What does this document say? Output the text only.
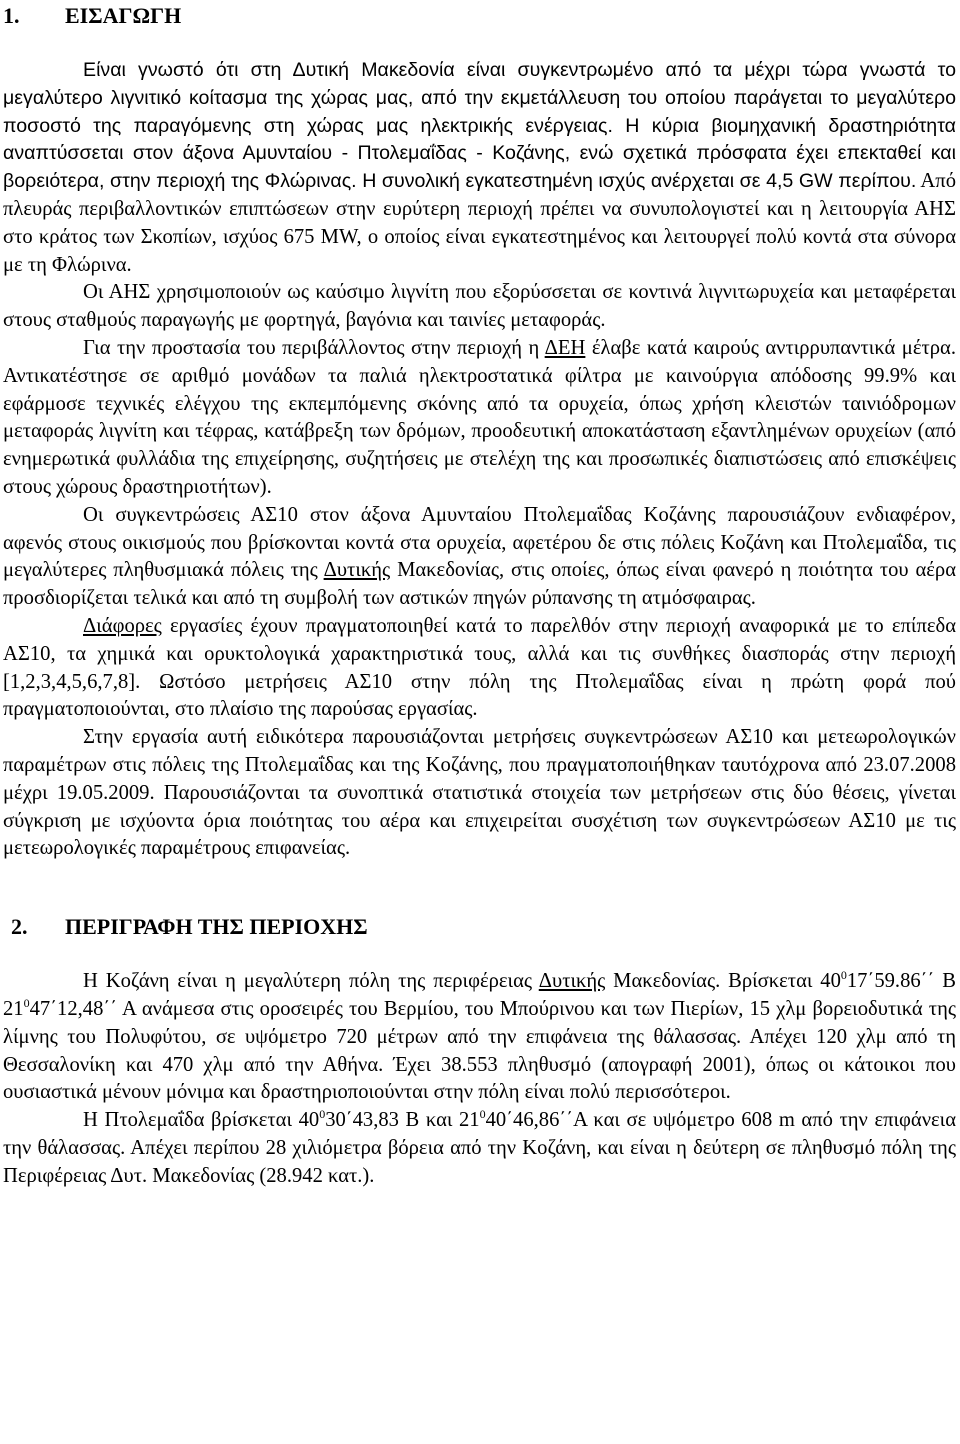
1. ΕΙΣΑΓΩΓΗ

Είναι γνωστό ότι στη Δυτική Μακεδονία είναι συγκεντρωμένο από τα μέχρι τώρα γνωστά το μεγαλύτερο λιγνιτικό κοίτασμα της χώρας μας, από την εκμετάλλευση του οποίου παράγεται το μεγαλύτερο ποσοστό της παραγόμενης στη χώρας μας ηλεκτρικής ενέργειας. Η κύρια βιομηχανική δραστηριότητα αναπτύσσεται στον άξονα Αμυνταίου - Πτολεμαΐδας - Κοζάνης, ενώ σχετικά πρόσφατα έχει επεκταθεί και βορειότερα, στην περιοχή της Φλώρινας. Η συνολική εγκατεστημένη ισχύς ανέρχεται σε 4,5 GW περίπου. Από πλευράς περιβαλλοντικών επιπτώσεων στην ευρύτερη περιοχή πρέπει να συνυπολογιστεί και η λειτουργία ΑΗΣ στο κράτος των Σκοπίων, ισχύος 675 MW, ο οποίος είναι εγκατεστημένος και λειτουργεί πολύ κοντά στα σύνορα με τη Φλώρινα.

Οι ΑΗΣ χρησιμοποιούν ως καύσιμο λιγνίτη που εξορύσσεται σε κοντινά λιγνιτωρυχεία και μεταφέρεται στους σταθμούς παραγωγής με φορτηγά, βαγόνια και ταινίες μεταφοράς.

Για την προστασία του περιβάλλοντος στην περιοχή η ΔΕΗ έλαβε κατά καιρούς αντιρρυπαντικά μέτρα. Αντικατέστησε σε αριθμό μονάδων τα παλιά ηλεκτροστατικά φίλτρα με καινούργια απόδοσης 99.9% και εφάρμοσε τεχνικές ελέγχου της εκπεμπόμενης σκόνης από τα ορυχεία, όπως χρήση κλειστών ταινιόδρομων μεταφοράς λιγνίτη και τέφρας, κατάβρεξη των δρόμων, προοδευτική αποκατάσταση εξαντλημένων ορυχείων (από ενημερωτικά φυλλάδια της επιχείρησης, συζητήσεις με στελέχη της και προσωπικές διαπιστώσεις από επισκέψεις στους χώρους δραστηριοτήτων).

Οι συγκεντρώσεις ΑΣ10 στον άξονα Αμυνταίου Πτολεμαΐδας Κοζάνης παρουσιάζουν ενδιαφέρον, αφενός στους οικισμούς που βρίσκονται κοντά στα ορυχεία, αφετέρου δε στις πόλεις Κοζάνη και Πτολεμαΐδα, τις μεγαλύτερες πληθυσμιακά πόλεις της Δυτικής Μακεδονίας, στις οποίες, όπως είναι φανερό η ποιότητα του αέρα προσδιορίζεται τελικά και από τη συμβολή των αστικών πηγών ρύπανσης τη ατμόσφαιρας.

Διάφορες εργασίες έχουν πραγματοποιηθεί κατά το παρελθόν στην περιοχή αναφορικά με το επίπεδα ΑΣ10, τα χημικά και ορυκτολογικά χαρακτηριστικά τους, αλλά και τις συνθήκες διασποράς στην περιοχή [1,2,3,4,5,6,7,8]. Ωστόσο μετρήσεις ΑΣ10 στην πόλη της Πτολεμαΐδας είναι η πρώτη φορά πού πραγματοποιούνται, στο πλαίσιο της παρούσας εργασίας.

Στην εργασία αυτή ειδικότερα παρουσιάζονται μετρήσεις συγκεντρώσεων ΑΣ10 και μετεωρολογικών παραμέτρων στις πόλεις της Πτολεμαΐδας και της Κοζάνης, που πραγματοποιήθηκαν ταυτόχρονα από 23.07.2008 μέχρι 19.05.2009. Παρουσιάζονται τα συνοπτικά στατιστικά στοιχεία των μετρήσεων στις δύο θέσεις, γίνεται σύγκριση με ισχύοντα όρια ποιότητας του αέρα και επιχειρείται συσχέτιση των συγκεντρώσεων ΑΣ10 με τις μετεωρολογικές παραμέτρους επιφανείας.

2. ΠΕΡΙΓΡΑΦΗ ΤΗΣ ΠΕΡΙΟΧΗΣ

Η Κοζάνη είναι η μεγαλύτερη πόλη της περιφέρειας Δυτικής Μακεδονίας. Βρίσκεται $40^017΄59.86΄΄$ Β $21^047΄12,48΄΄$ Α ανάμεσα στις οροσειρές του Βερμίου, του Μπούρινου και των Πιερίων, 15 χλμ βορειοδυτικά της λίμνης του Πολυφύτου, σε υψόμετρο 720 μέτρων από την επιφάνεια της θάλασσας. Απέχει 120 χλμ από τη Θεσσαλονίκη και 470 χλμ από την Αθήνα. Έχει 38.553 πληθυσμό (απογραφή 2001), όπως οι κάτοικοι που ουσιαστικά μένουν μόνιμα και δραστηριοποιούνται στην πόλη είναι πολύ περισσότεροι.

Η Πτολεμαΐδα βρίσκεται $40^030΄43,83$ Β και $21^040΄46,86΄΄A$ και σε υψόμετρο 608 m από την επιφάνεια την θάλασσας. Απέχει περίπου 28 χιλιόμετρα βόρεια από την Κοζάνη, και είναι η δεύτερη σε πληθυσμό πόλη της Περιφέρειας Δυτ. Μακεδονίας (28.942 κατ.).
